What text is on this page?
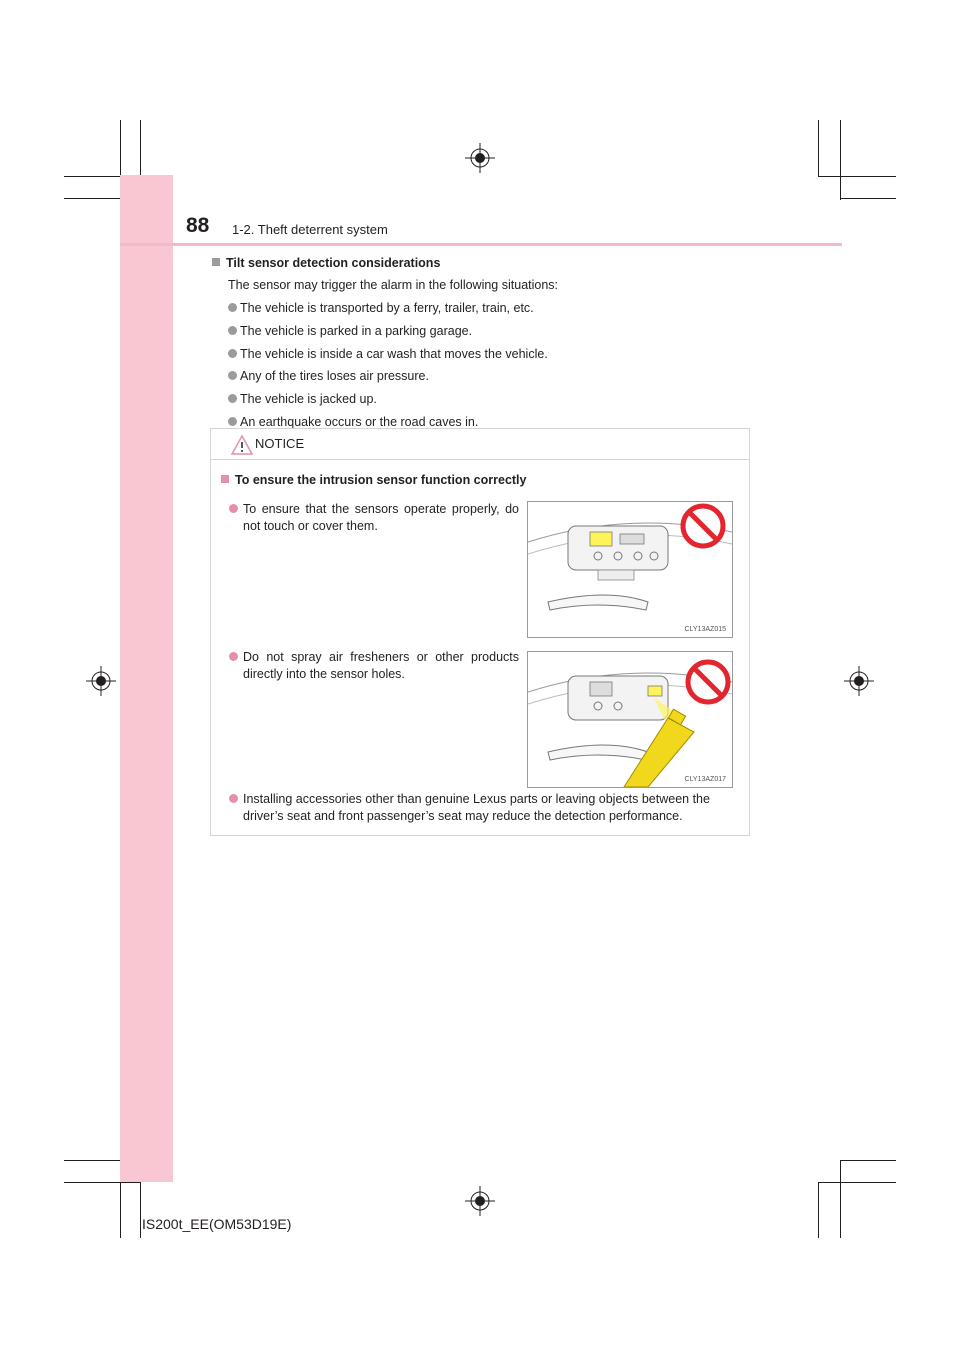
88 1-2. Theft deterrent system

Tilt sensor detection considerations

The sensor may trigger the alarm in the following situations:

The vehicle is transported by a ferry, trailer, train, etc.
The vehicle is parked in a parking garage.
The vehicle is inside a car wash that moves the vehicle.
Any of the tires loses air pressure.
The vehicle is jacked up.
An earthquake occurs or the road caves in.
NOTICE
To ensure the intrusion sensor function correctly
To ensure that the sensors operate properly, do not touch or cover them.
CLY13AZ015
Do not spray air fresheners or other products directly into the sensor holes.
CLY13AZ017
Installing accessories other than genuine Lexus parts or leaving objects between the driver’s seat and front passenger’s seat may reduce the detection performance.
IS200t_EE(OM53D19E)
